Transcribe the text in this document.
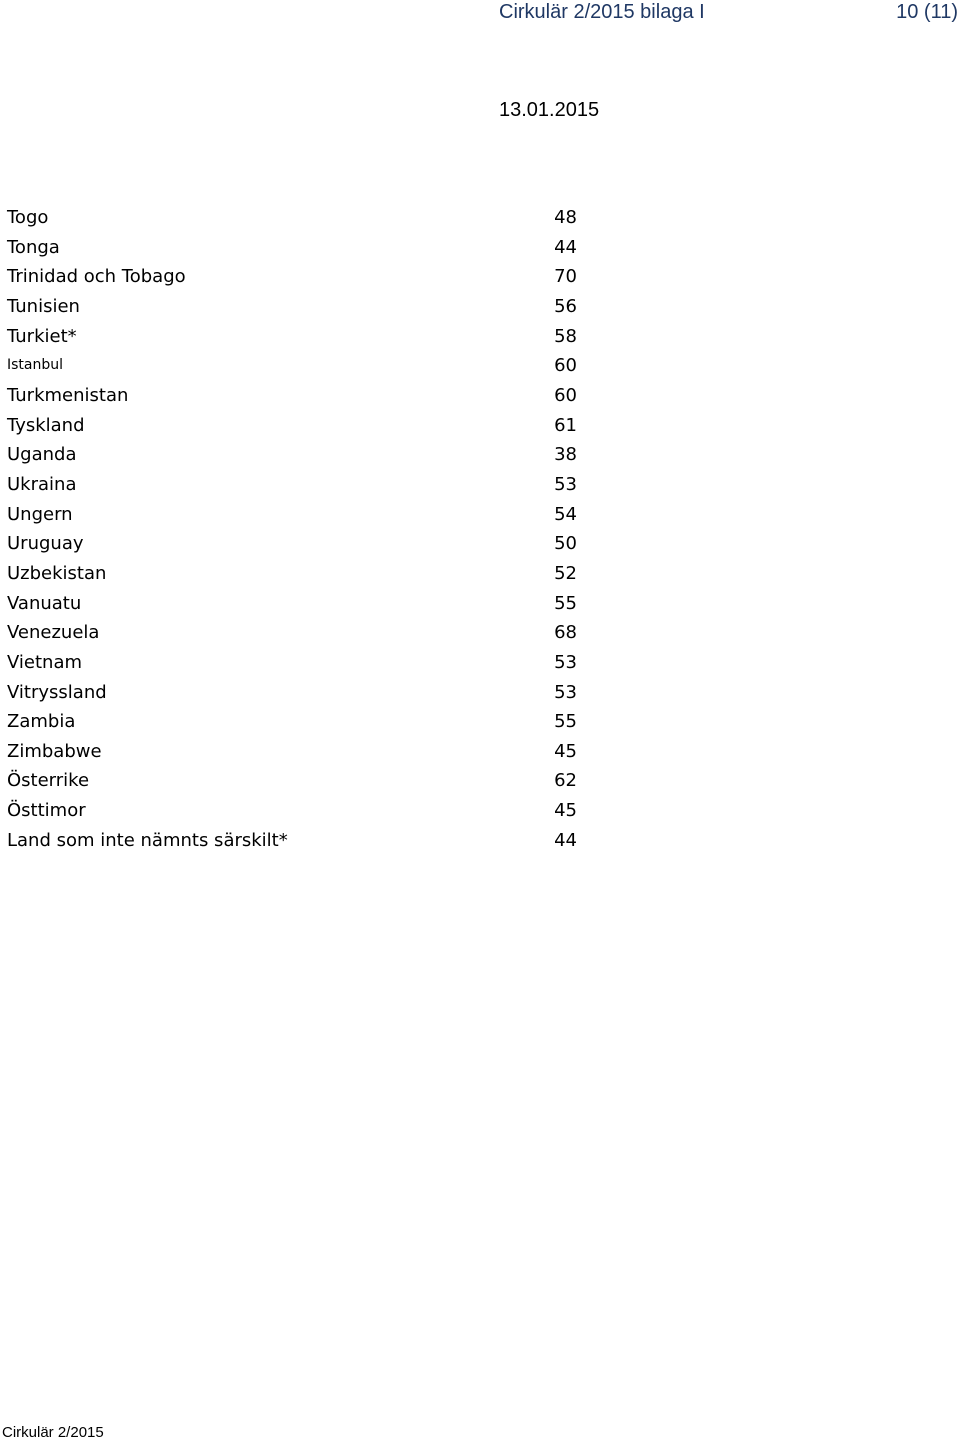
Cirkulär 2/2015 bilaga I	10 (11)
13.01.2015
Togo	48
Tonga	44
Trinidad och Tobago	70
Tunisien	56
Turkiet*	58
Istanbul	60
Turkmenistan	60
Tyskland	61
Uganda	38
Ukraina	53
Ungern	54
Uruguay	50
Uzbekistan	52
Vanuatu	55
Venezuela	68
Vietnam	53
Vitryssland	53
Zambia	55
Zimbabwe	45
Österrike	62
Östtimor	45
Land som inte nämnts särskilt*	44
Cirkulär 2/2015
